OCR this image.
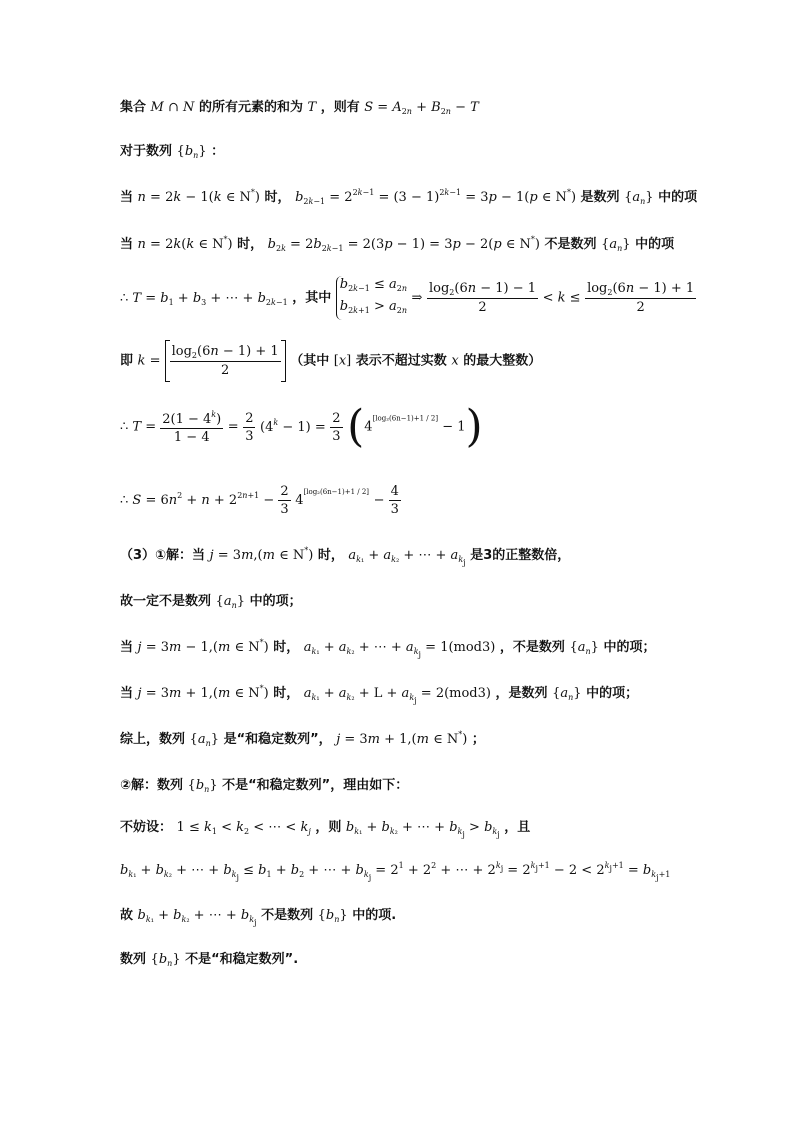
集合 M ∩ N 的所有元素的和为 T ，则有 $S = A_{2n} + B_{2n} - T$
对于数列 $\{b_n\}$ ：
当 n = 2k − 1(k ∈ N*) 时， $b_{2k-1} = 2^{2k-1} = (3 - 1)^{2k-1} = 3p - 1(p$ ∈ N*) 是数列 $\{a_n\}$ 中的项
当 n = 2k(k ∈ N*) 时， $b_{2k} = 2b_{2k-1} = 2(3p - 1) = 3p - 2(p$ ∈ N*) 不是数列 $\{a_n\}$ 中的项
∴ $T = b_1 + b_3$ + ⋯ + $b_{2k-1}$ ，其中
$b_{2k-1} \le a_{2n}$
$b_{2k+1} > a_{2n}$
⇒ $\frac{\log_2(6n - 1) - 1}{2} < k \le \frac{\log_2(6n - 1) + 1}{2}$
即 $k = \frac{\log_2(6n - 1) + 1}{2}$ （其中 [x] 表示不超过实数 x 的最大整数）
∴ $T = \frac{2(1 - 4^k)}{1 - 4} = \frac{2}{3} (4^k - 1) = \frac{2}{3} (4[\log_2(6n-1)+1 / 2] - 1)$
∴ $S = 6n^2 + n + 2^{2n+1} - \frac{2}{3} 4[\log_2(6n-1)+1 / 2] - \frac{4}{3}$
（3）①解：当 j = 3m,(m ∈ N*) 时， $a_{k_1} + a_{k_2}$ + ⋯ + $a_{k_j}$ 是3的正整数倍，
故一定不是数列 $\{a_n\}$ 中的项；
当 j = 3m − 1,(m ∈ N*) 时， $a_{k_1} + a_{k_2}$ + ⋯ + $a_{k_j} = 1(mod3)$ ，不是数列 $\{a_n\}$ 中的项；
当 j = 3m + 1,(m ∈ N*) 时， $a_{k_1} + a_{k_2} + L + a_{k_j} = 2(mod3)$ ，是数列 $\{a_n\}$ 中的项；
综上，数列 $\{a_n\}$ 是“和稳定数列”， j = 3m + 1,(m ∈ N*) ；
②解：数列 $\{b_n\}$ 不是“和稳定数列”，理由如下：
不妨设： $1 \le k_1 < k_2$ < ⋯ < $k_j$ ，则 $b_{k_1} + b_{k_2}$ + ⋯ + $b_{k_j} > b_{k_j}$ ，且
$b_{k_1} + b_{k_2}$ + ⋯ + $b_{k_j} \le b_1 + b_2$ + ⋯ + $b_{k_j} = 2^1 + 2^2$ + ⋯ + $2^{k_j} = 2^{k_j+1} - 2 < 2^{k_j+1} = b_{k_j+1}$
故 $b_{k_1} + b_{k_2}$ + ⋯ + $b_{k_j}$ 不是数列 $\{b_n\}$ 中的项.
数列 $\{b_n\}$ 不是“和稳定数列”.
